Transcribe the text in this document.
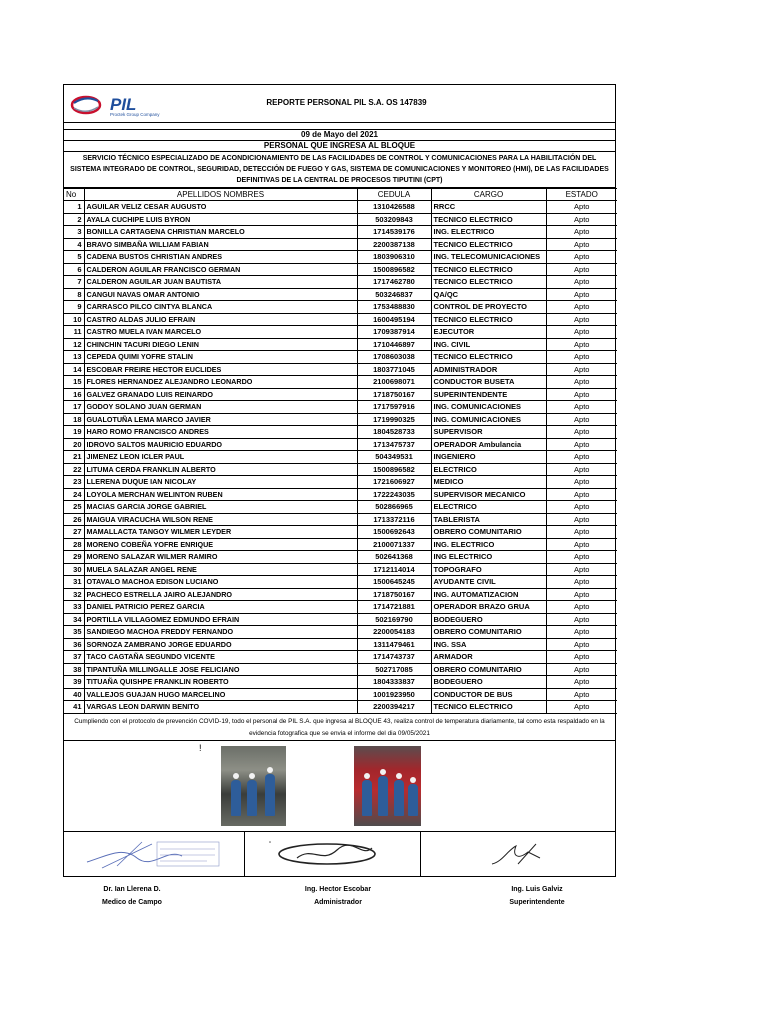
PIL
Proctek Group Company
REPORTE PERSONAL PIL S.A. OS 147839
09 de Mayo del 2021
PERSONAL QUE INGRESA AL BLOQUE
SERVICIO TÉCNICO ESPECIALIZADO DE ACONDICIONAMIENTO DE LAS FACILIDADES DE CONTROL Y COMUNICACIONES PARA LA HABILITACIÓN DEL SISTEMA INTEGRADO DE CONTROL, SEGURIDAD, DETECCIÓN DE FUEGO Y GAS, SISTEMA DE COMUNICACIONES Y MONITOREO (HMI), DE LAS FACILIDADES DEFINITIVAS DE LA CENTRAL DE PROCESOS TIPUTINI (CPT)
No	APELLIDOS NOMBRES	CEDULA	CARGO	ESTADO
1	AGUILAR VELIZ CESAR AUGUSTO	1310426588	RRCC	Apto
2	AYALA CUCHIPE LUIS BYRON	503209843	TECNICO ELECTRICO	Apto
3	BONILLA CARTAGENA CHRISTIAN MARCELO	1714539176	ING. ELECTRICO	Apto
4	BRAVO SIMBAÑA WILLIAM FABIAN	2200387138	TECNICO ELECTRICO	Apto
5	CADENA BUSTOS CHRISTIAN ANDRES	1803906310	ING. TELECOMUNICACIONES	Apto
6	CALDERON AGUILAR FRANCISCO GERMAN	1500896582	TECNICO ELECTRICO	Apto
7	CALDERON AGUILAR JUAN BAUTISTA	1717462780	TECNICO ELECTRICO	Apto
8	CANGUI NAVAS OMAR ANTONIO	503246837	QA/QC	Apto
9	CARRASCO PILCO CINTYA BLANCA	1753488830	CONTROL DE PROYECTO	Apto
10	CASTRO ALDAS JULIO EFRAIN	1600495194	TECNICO ELECTRICO	Apto
11	CASTRO MUELA IVAN MARCELO	1709387914	EJECUTOR	Apto
12	CHINCHIN TACURI DIEGO LENIN	1710446897	ING. CIVIL	Apto
13	CEPEDA QUIMI YOFRE STALIN	1708603038	TECNICO ELECTRICO	Apto
14	ESCOBAR FREIRE HECTOR EUCLIDES	1803771045	ADMINISTRADOR	Apto
15	FLORES HERNANDEZ ALEJANDRO LEONARDO	2100698071	CONDUCTOR BUSETA	Apto
16	GALVEZ GRANADO LUIS REINARDO	1718750167	SUPERINTENDENTE	Apto
17	GODOY SOLANO JUAN GERMAN	1717597916	ING. COMUNICACIONES	Apto
18	GUALOTUÑA LEMA MARCO JAVIER	1719990325	ING. COMUNICACIONES	Apto
19	HARO ROMO FRANCISCO ANDRES	1804528733	SUPERVISOR	Apto
20	IDROVO SALTOS MAURICIO EDUARDO	1713475737	OPERADOR Ambulancia	Apto
21	JIMENEZ LEON ICLER PAUL	504349531	INGENIERO	Apto
22	LITUMA CERDA FRANKLIN ALBERTO	1500896582	ELECTRICO	Apto
23	LLERENA DUQUE IAN NICOLAY	1721606927	MEDICO	Apto
24	LOYOLA MERCHAN WELINTON RUBEN	1722243035	SUPERVISOR MECANICO	Apto
25	MACIAS GARCIA JORGE GABRIEL	502866965	ELECTRICO	Apto
26	MAIGUA VIRACUCHA WILSON RENE	1713372116	TABLERISTA	Apto
27	MAMALLACTA TANGOY WILMER LEYDER	1500692643	OBRERO COMUNITARIO	Apto
28	MORENO COBEÑA YOFRE ENRIQUE	2100071337	ING. ELECTRICO	Apto
29	MORENO SALAZAR WILMER RAMIRO	502641368	ING ELECTRICO	Apto
30	MUELA SALAZAR ANGEL RENE	1712114014	TOPOGRAFO	Apto
31	OTAVALO MACHOA EDISON LUCIANO	1500645245	AYUDANTE CIVIL	Apto
32	PACHECO ESTRELLA JAIRO ALEJANDRO	1718750167	ING. AUTOMATIZACION	Apto
33	DANIEL PATRICIO PEREZ GARCIA	1714721881	OPERADOR BRAZO GRUA	Apto
34	PORTILLA VILLAGOMEZ EDMUNDO EFRAIN	502169790	BODEGUERO	Apto
35	SANDIEGO MACHOA FREDDY FERNANDO	2200054183	OBRERO COMUNITARIO	Apto
36	SORNOZA ZAMBRANO JORGE EDUARDO	1311479461	ING. SSA	Apto
37	TACO CAGTAÑA SEGUNDO VICENTE	1714743737	ARMADOR	Apto
38	TIPANTUÑA MILLINGALLE JOSE FELICIANO	502717085	OBRERO COMUNITARIO	Apto
39	TITUAÑA QUISHPE FRANKLIN ROBERTO	1804333837	BODEGUERO	Apto
40	VALLEJOS GUAJAN HUGO MARCELINO	1001923950	CONDUCTOR DE BUS	Apto
41	VARGAS LEON DARWIN BENITO	2200394217	TECNICO ELECTRICO	Apto
Cumpliendo con el protocolo de prevención COVID-19, todo el personal de PIL S.A. que ingresa al BLOQUE 43, realiza control de temperatura diariamente, tal como esta respaldado en la evidencia fotografica que se envia el informe del dia 09/05/2021
!
Dr. Ian Llerena D.
Medico de Campo
Ing. Hector Escobar
Administrador
Ing. Luis Galviz
Superintendente
